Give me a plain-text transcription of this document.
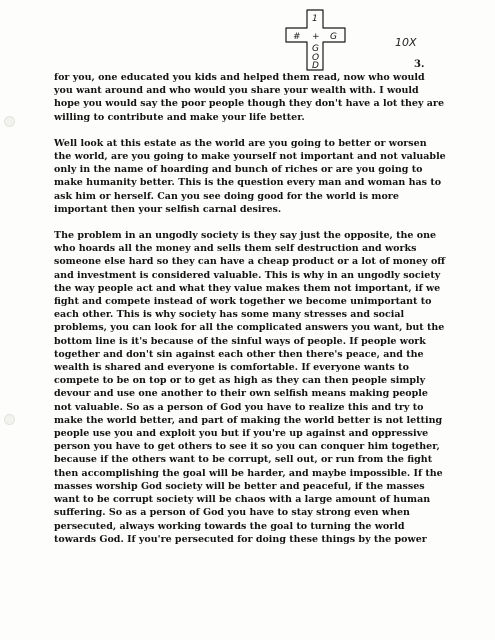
#
1
+ G
G
O
D
10X
3.

for you, one educated you kids and helped them read, now who would you want around and who would you share your wealth with. I would hope you would say the poor people though they don't have a lot they are willing to contribute and make your life better.

Well look at this estate as the world are you going to better or worsen the world, are you going to make yourself not important and not valuable only in the name of hoarding and bunch of riches or are you going to make humanity better. This is the question every man and woman has to ask him or herself. Can you see doing good for the world is more important then your selfish carnal desires.

The problem in an ungodly society is they say just the opposite, the one who hoards all the money and sells them self destruction and works someone else hard so they can have a cheap product or a lot of money off and investment is considered valuable. This is why in an ungodly society the way people act and what they value makes them not important, if we fight and compete instead of work together we become unimportant to each other. This is why society has some many stresses and social problems, you can look for all the complicated answers you want, but the bottom line is it's because of the sinful ways of people. If people work together and don't sin against each other then there's peace, and the wealth is shared and everyone is comfortable. If everyone wants to compete to be on top or to get as high as they can then people simply devour and use one another to their own selfish means making people not valuable. So as a person of God you have to realize this and try to make the world better, and part of making the world better is not letting people use you and exploit you but if you're up against and oppressive person you have to get others to see it so you can conquer him together, because if the others want to be corrupt, sell out, or run from the fight then accomplishing the goal will be harder, and maybe impossible. If the masses worship God society will be better and peaceful, if the masses want to be corrupt society will be chaos with a large amount of human suffering. So as a person of God you have to stay strong even when persecuted, always working towards the goal to turning the world towards God. If you're persecuted for doing these things by the power
